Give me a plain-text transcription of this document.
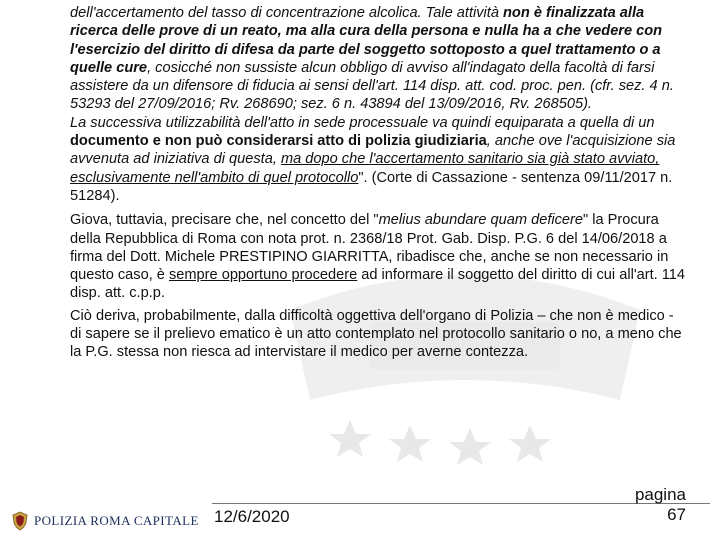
dell'accertamento del tasso di concentrazione alcolica. Tale attività non è finalizzata alla ricerca delle prove di un reato, ma alla cura della persona e nulla ha a che vedere con l'esercizio del diritto di difesa da parte del soggetto sottoposto a quel trattamento o a quelle cure, cosicché non sussiste alcun obbligo di avviso all'indagato della facoltà di farsi assistere da un difensore di fiducia ai sensi dell'art. 114 disp. att. cod. proc. pen. (cfr. sez. 4 n. 53293 del 27/09/2016; Rv. 268690; sez. 6 n. 43894 del 13/09/2016, Rv. 268505).

La successiva utilizzabilità dell'atto in sede processuale va quindi equiparata a quella di un documento e non può considerarsi atto di polizia giudiziaria, anche ove l'acquisizione sia avvenuta ad iniziativa di questa, ma dopo che l'accertamento sanitario sia già stato avviato, esclusivamente nell'ambito di quel protocollo". (Corte di Cassazione - sentenza 09/11/2017 n. 51284).

Giova, tuttavia, precisare che, nel concetto del "melius abundare quam deficere" la Procura della Repubblica di Roma con nota prot. n. 2368/18 Prot. Gab. Disp. P.G. 6 del 14/06/2018 a firma del Dott. Michele PRESTIPINO GIARRITTA, ribadisce che, anche se non necessario in questo caso, è sempre opportuno procedere ad informare il soggetto del diritto di cui all'art. 114 disp. att. c.p.p.

Ciò deriva, probabilmente, dalla difficoltà oggettiva dell'organo di Polizia – che non è medico - di sapere se il prelievo ematico è un atto contemplato nel protocollo sanitario o no, a meno che la P.G. stessa non riesca ad intervistare il medico per averne contezza.

POLIZIA ROMA CAPITALE 12/6/2020
pagina
67
